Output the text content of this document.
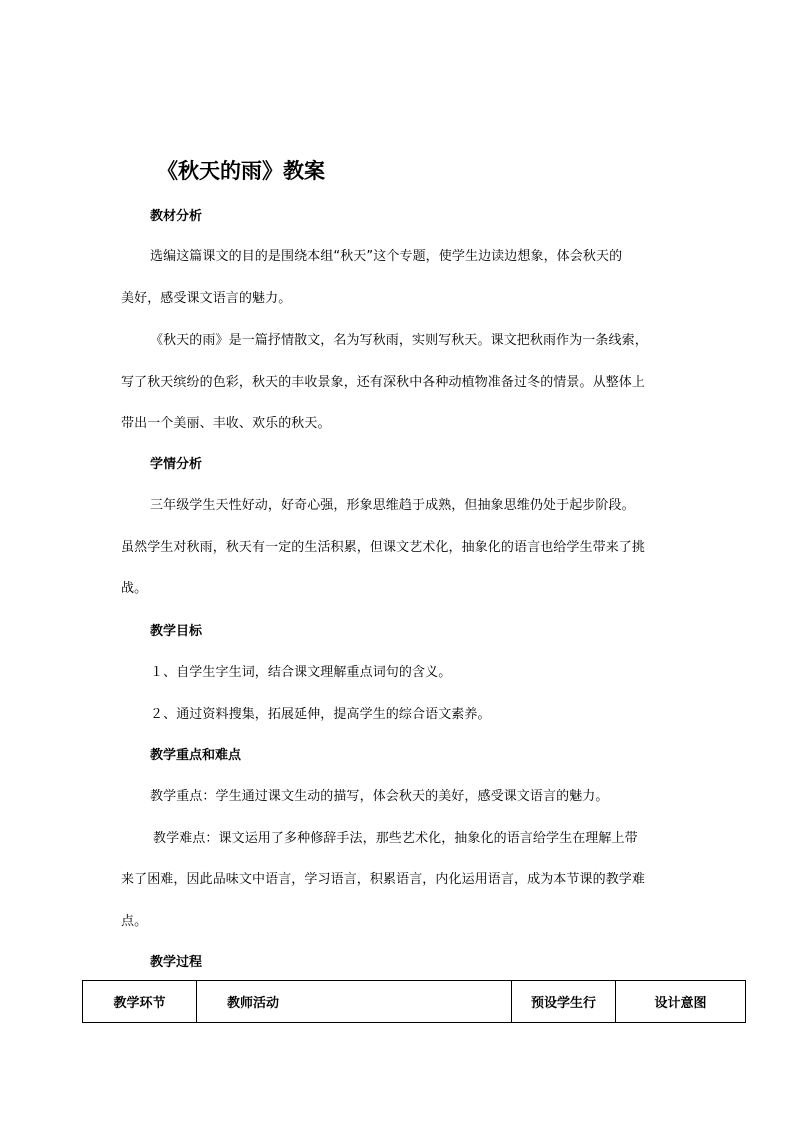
《秋天的雨》教案
教材分析
选编这篇课文的目的是围绕本组“秋天”这个专题，使学生边读边想象，体会秋天的
美好，感受课文语言的魅力。
《秋天的雨》是一篇抒情散文，名为写秋雨，实则写秋天。课文把秋雨作为一条线索，
写了秋天缤纷的色彩，秋天的丰收景象，还有深秋中各种动植物准备过冬的情景。从整体上
带出一个美丽、丰收、欢乐的秋天。
学情分析
三年级学生天性好动，好奇心强，形象思维趋于成熟，但抽象思维仍处于起步阶段。
虽然学生对秋雨，秋天有一定的生活积累，但课文艺术化，抽象化的语言也给学生带来了挑
战。
教学目标
１、自学生字生词，结合课文理解重点词句的含义。
２、通过资料搜集，拓展延伸，提高学生的综合语文素养。
教学重点和难点
教学重点：学生通过课文生动的描写，体会秋天的美好，感受课文语言的魅力。
教学难点：课文运用了多种修辞手法，那些艺术化，抽象化的语言给学生在理解上带
来了困难，因此品味文中语言，学习语言，积累语言，内化运用语言，成为本节课的教学难
点。
教学过程
教学环节	教师活动	预设学生行	设计意图
